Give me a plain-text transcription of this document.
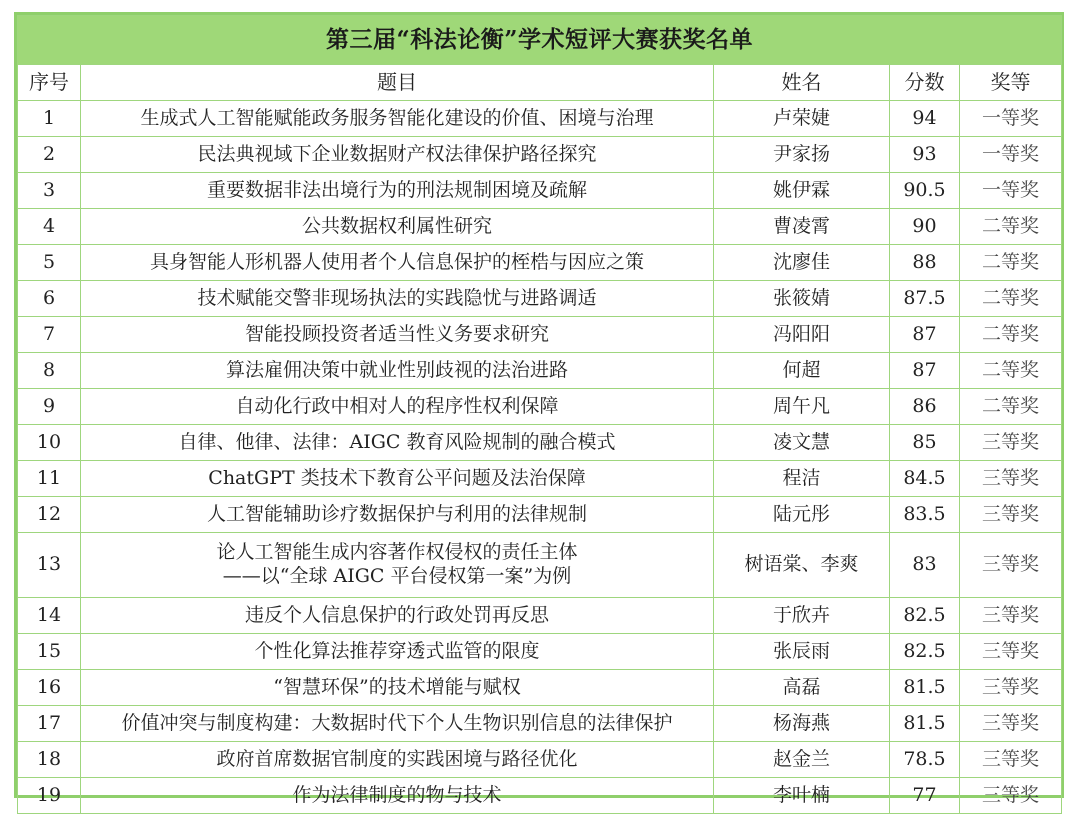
第三届“科法论衡”学术短评大赛获奖名单				
序号	题目	姓名	分数	奖等
1	生成式人工智能赋能政务服务智能化建设的价值、困境与治理	卢荣婕	94	一等奖
2	民法典视域下企业数据财产权法律保护路径探究	尹家扬	93	一等奖
3	重要数据非法出境行为的刑法规制困境及疏解	姚伊霖	90.5	一等奖
4	公共数据权利属性研究	曹凌霄	90	二等奖
5	具身智能人形机器人使用者个人信息保护的桎梏与因应之策	沈廖佳	88	二等奖
6	技术赋能交警非现场执法的实践隐忧与进路调适	张筱婧	87.5	二等奖
7	智能投顾投资者适当性义务要求研究	冯阳阳	87	二等奖
8	算法雇佣决策中就业性别歧视的法治进路	何超	87	二等奖
9	自动化行政中相对人的程序性权利保障	周午凡	86	二等奖
10	自律、他律、法律：AIGC 教育风险规制的融合模式	凌文慧	85	三等奖
11	ChatGPT 类技术下教育公平问题及法治保障	程洁	84.5	三等奖
12	人工智能辅助诊疗数据保护与利用的法律规制	陆元彤	83.5	三等奖
13	论人工智能生成内容著作权侵权的责任主体
——以“全球 AIGC 平台侵权第一案”为例	树语棠、李爽	83	三等奖
14	违反个人信息保护的行政处罚再反思	于欣卉	82.5	三等奖
15	个性化算法推荐穿透式监管的限度	张辰雨	82.5	三等奖
16	“智慧环保”的技术增能与赋权	高磊	81.5	三等奖
17	价值冲突与制度构建：大数据时代下个人生物识别信息的法律保护	杨海燕	81.5	三等奖
18	政府首席数据官制度的实践困境与路径优化	赵金兰	78.5	三等奖
19	作为法律制度的物与技术	李叶楠	77	三等奖
